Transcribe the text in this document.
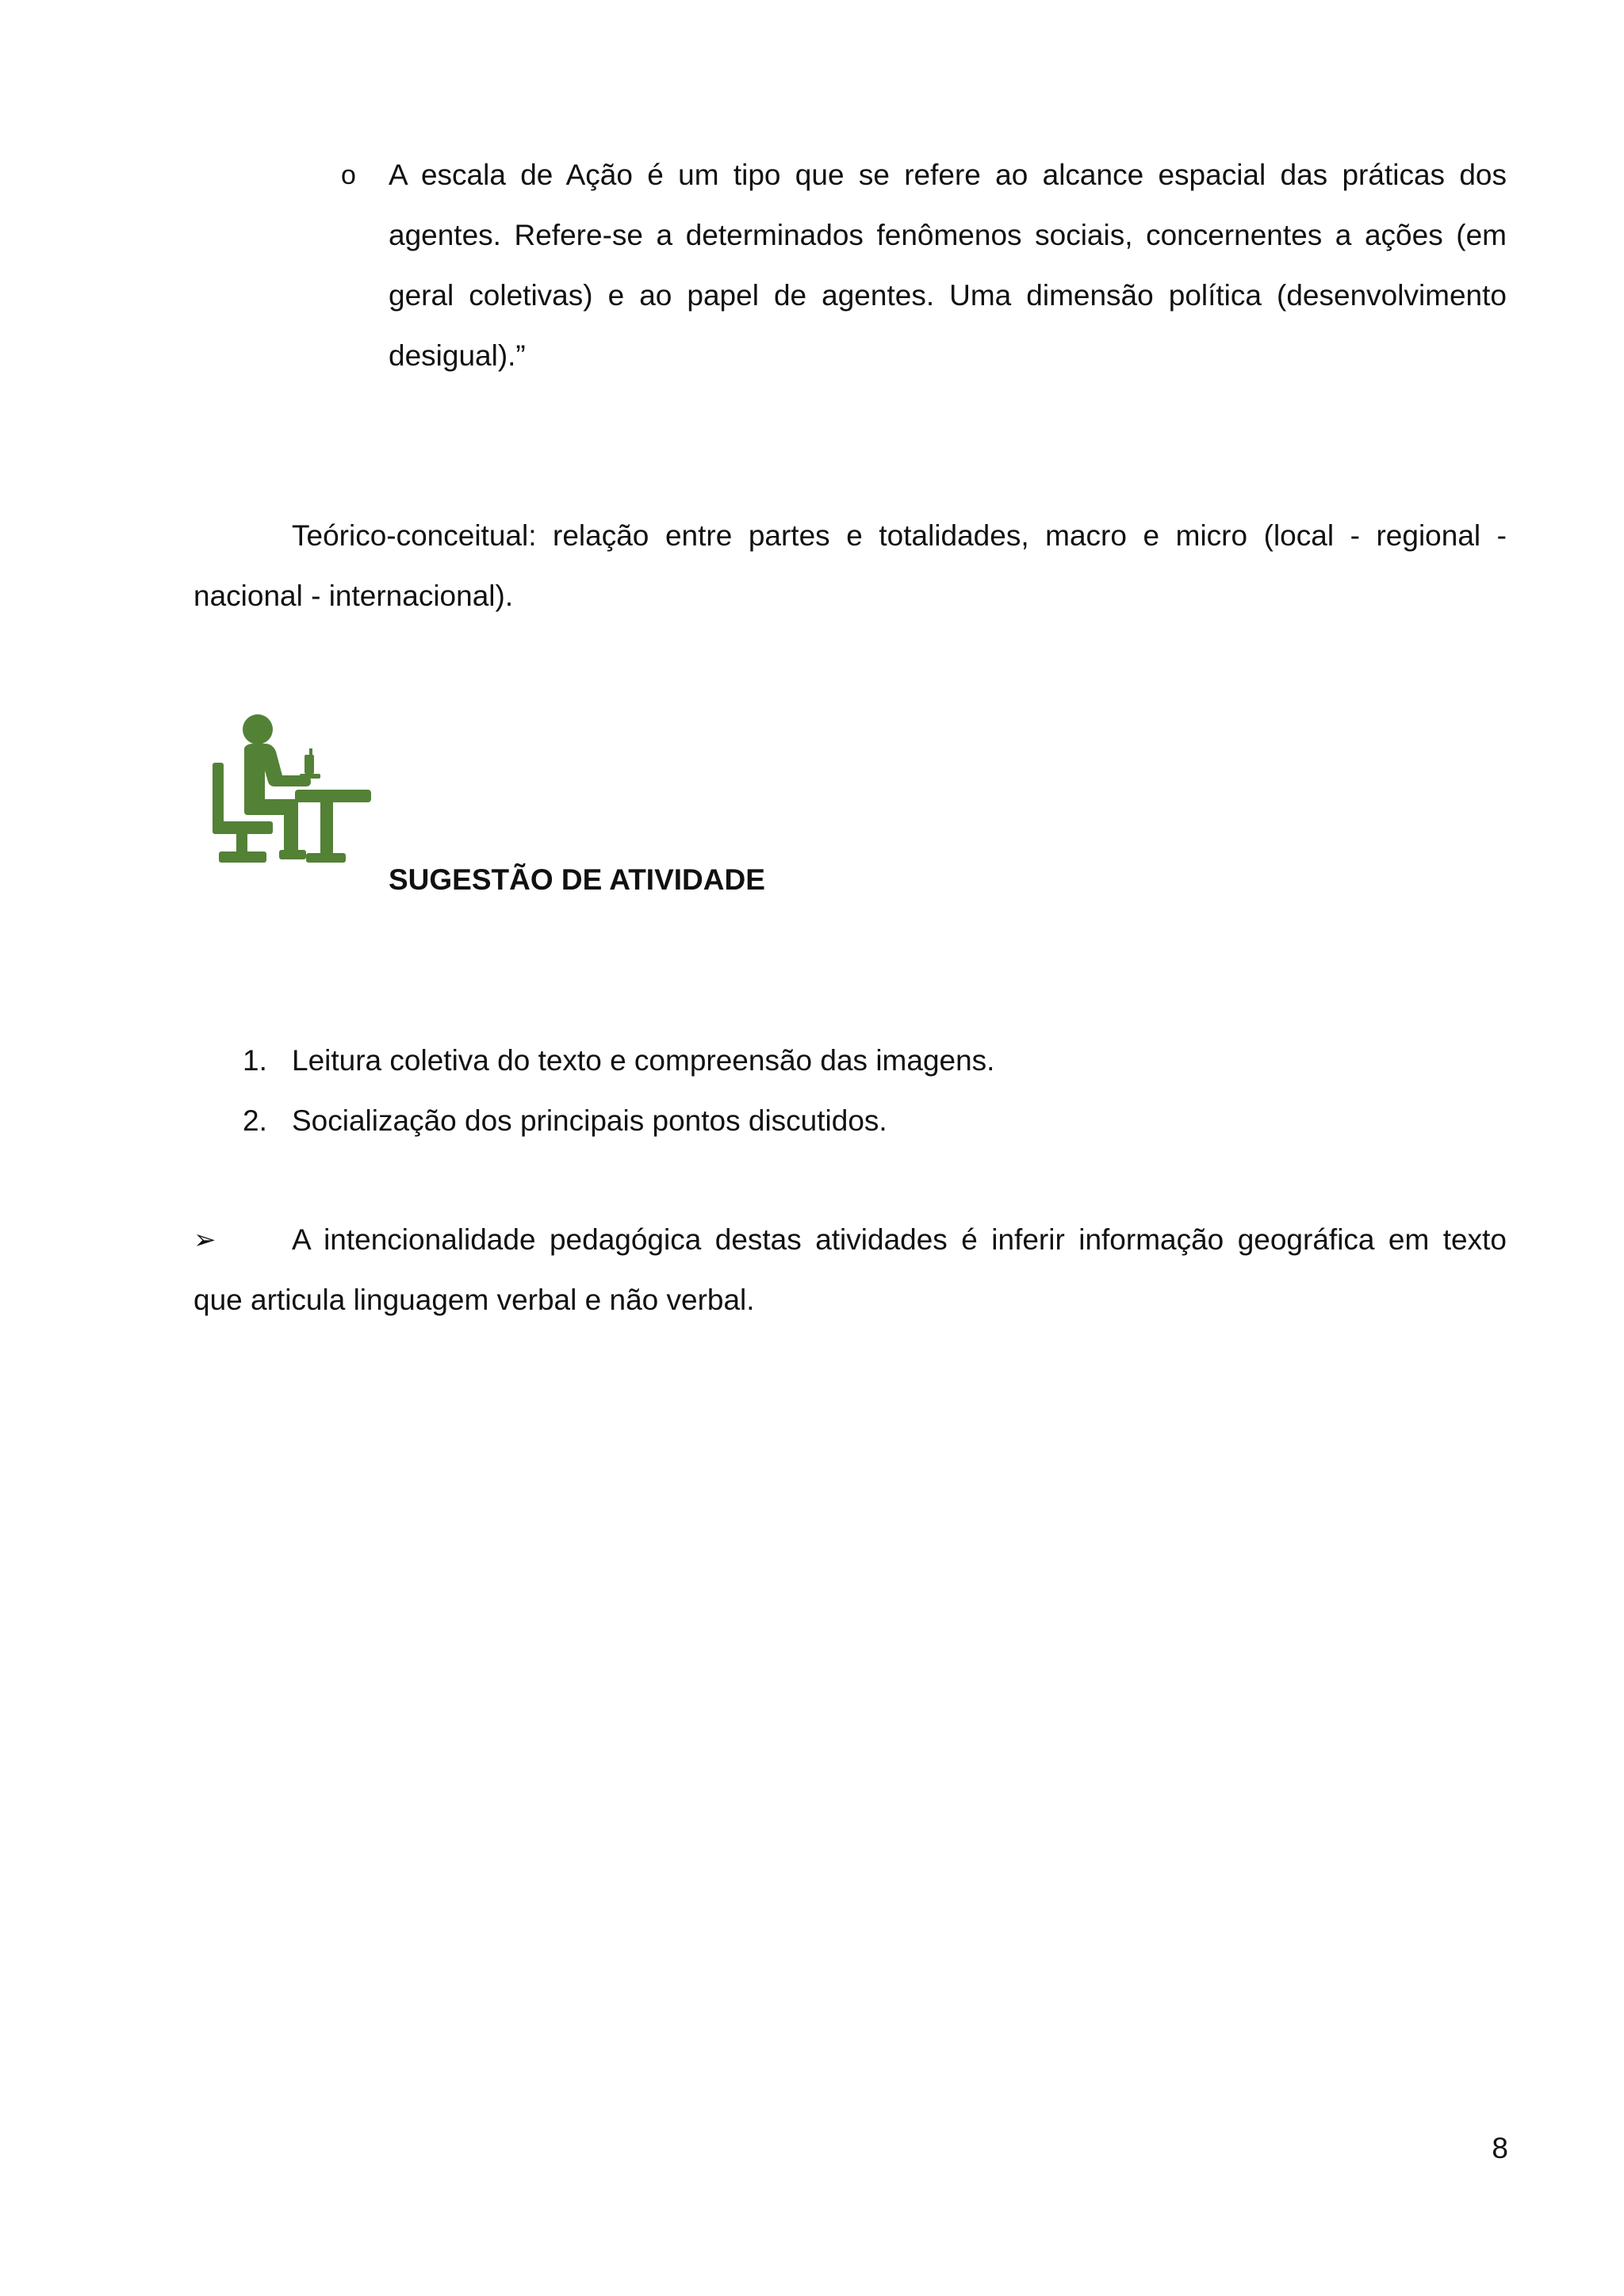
o A escala de Ação é um tipo que se refere ao alcance espacial das práticas dos agentes. Refere-se a determinados fenômenos sociais, concernentes a ações (em geral coletivas) e ao papel de agentes. Uma dimensão política (desenvolvimento desigual).”
Teórico-conceitual: relação entre partes e totalidades, macro e micro (local - regional - nacional - internacional).
SUGESTÃO DE ATIVIDADE
1. Leitura coletiva do texto e compreensão das imagens.
2. Socialização dos principais pontos discutidos.
➢	A intencionalidade pedagógica destas atividades é inferir informação geográfica em texto que articula linguagem verbal e não verbal.
8
